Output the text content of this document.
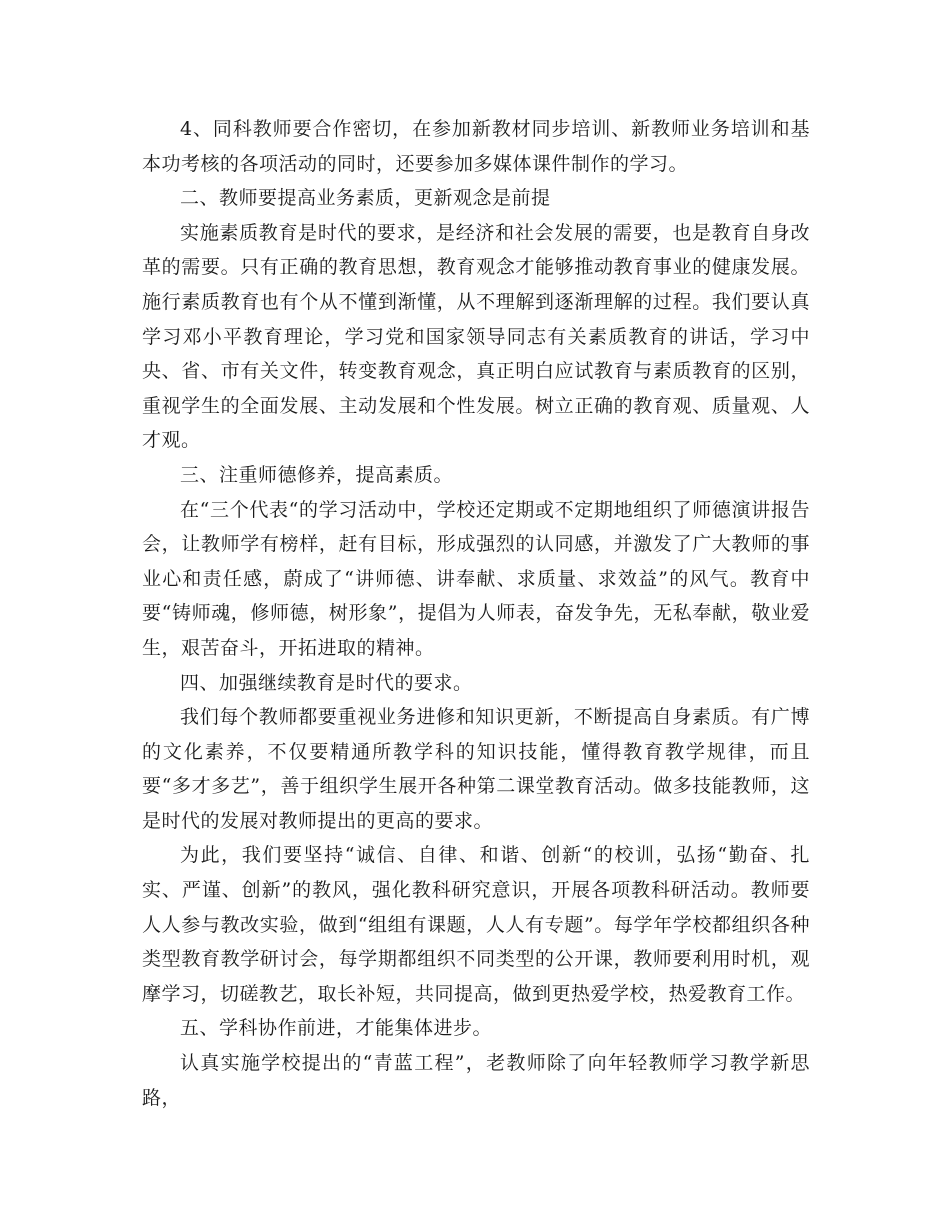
4、同科教师要合作密切，在参加新教材同步培训、新教师业务培训和基本功考核的各项活动的同时，还要参加多媒体课件制作的学习。

二、教师要提高业务素质，更新观念是前提

实施素质教育是时代的要求，是经济和社会发展的需要，也是教育自身改革的需要。只有正确的教育思想，教育观念才能够推动教育事业的健康发展。施行素质教育也有个从不懂到渐懂，从不理解到逐渐理解的过程。我们要认真学习邓小平教育理论，学习党和国家领导同志有关素质教育的讲话，学习中央、省、市有关文件，转变教育观念，真正明白应试教育与素质教育的区别，重视学生的全面发展、主动发展和个性发展。树立正确的教育观、质量观、人才观。

三、注重师德修养，提高素质。

在“三个代表“的学习活动中，学校还定期或不定期地组织了师德演讲报告会，让教师学有榜样，赶有目标，形成强烈的认同感，并激发了广大教师的事业心和责任感，蔚成了“讲师德、讲奉献、求质量、求效益”的风气。教育中要“铸师魂，修师德，树形象”，提倡为人师表，奋发争先，无私奉献，敬业爱生，艰苦奋斗，开拓进取的精神。

四、加强继续教育是时代的要求。

我们每个教师都要重视业务进修和知识更新，不断提高自身素质。有广博的文化素养，不仅要精通所教学科的知识技能，懂得教育教学规律，而且要“多才多艺”，善于组织学生展开各种第二课堂教育活动。做多技能教师，这是时代的发展对教师提出的更高的要求。

为此，我们要坚持“诚信、自律、和谐、创新“的校训，弘扬“勤奋、扎实、严谨、创新”的教风，强化教科研究意识，开展各项教科研活动。教师要人人参与教改实验，做到“组组有课题，人人有专题”。每学年学校都组织各种类型教育教学研讨会，每学期都组织不同类型的公开课，教师要利用时机，观摩学习，切磋教艺，取长补短，共同提高，做到更热爱学校，热爱教育工作。

五、学科协作前进，才能集体进步。

认真实施学校提出的“青蓝工程”，老教师除了向年轻教师学习教学新思路，
